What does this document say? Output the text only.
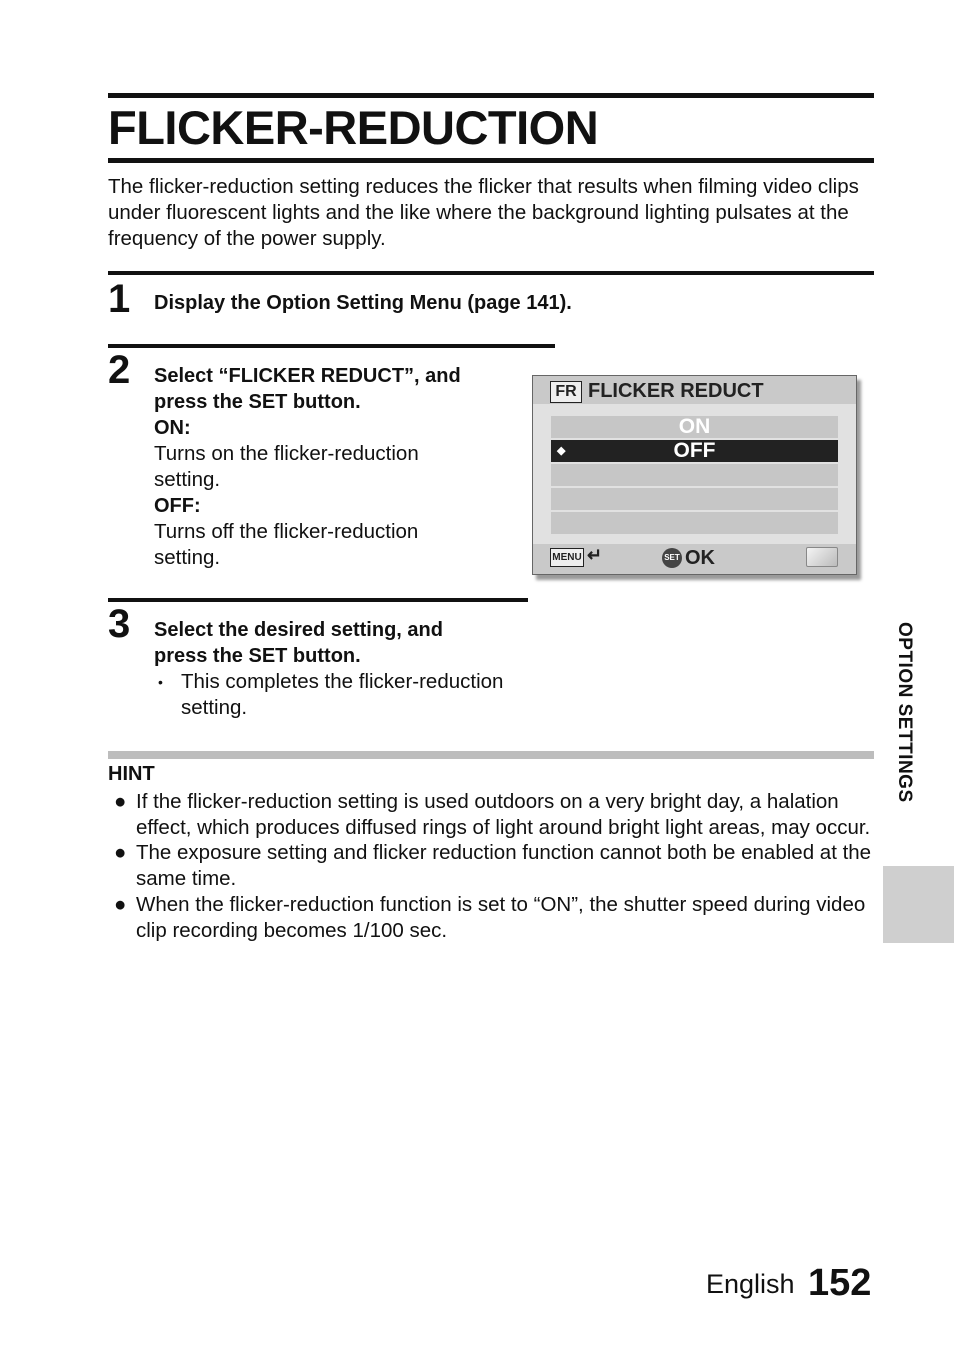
FLICKER-REDUCTION
The flicker-reduction setting reduces the flicker that results when filming video clips under fluorescent lights and the like where the background lighting pulsates at the frequency of the power supply.
1 Display the Option Setting Menu (page 141).
2 Select “FLICKER REDUCT”, and
press the SET button.
ON:
Turns on the flicker-reduction setting.
OFF:
Turns off the flicker-reduction setting.
FR FLICKER REDUCT
ON
◆	OFF
MENU ↵	SET OK
3 Select the desired setting, and
press the SET button.
• This completes the flicker-reduction setting.
HINT
● If the flicker-reduction setting is used outdoors on a very bright day, a halation effect, which produces diffused rings of light around bright light areas, may occur.
● The exposure setting and flicker reduction function cannot both be enabled at the same time.
● When the flicker-reduction function is set to “ON”, the shutter speed during video clip recording becomes 1/100 sec.
OPTION SETTINGS
English 152
